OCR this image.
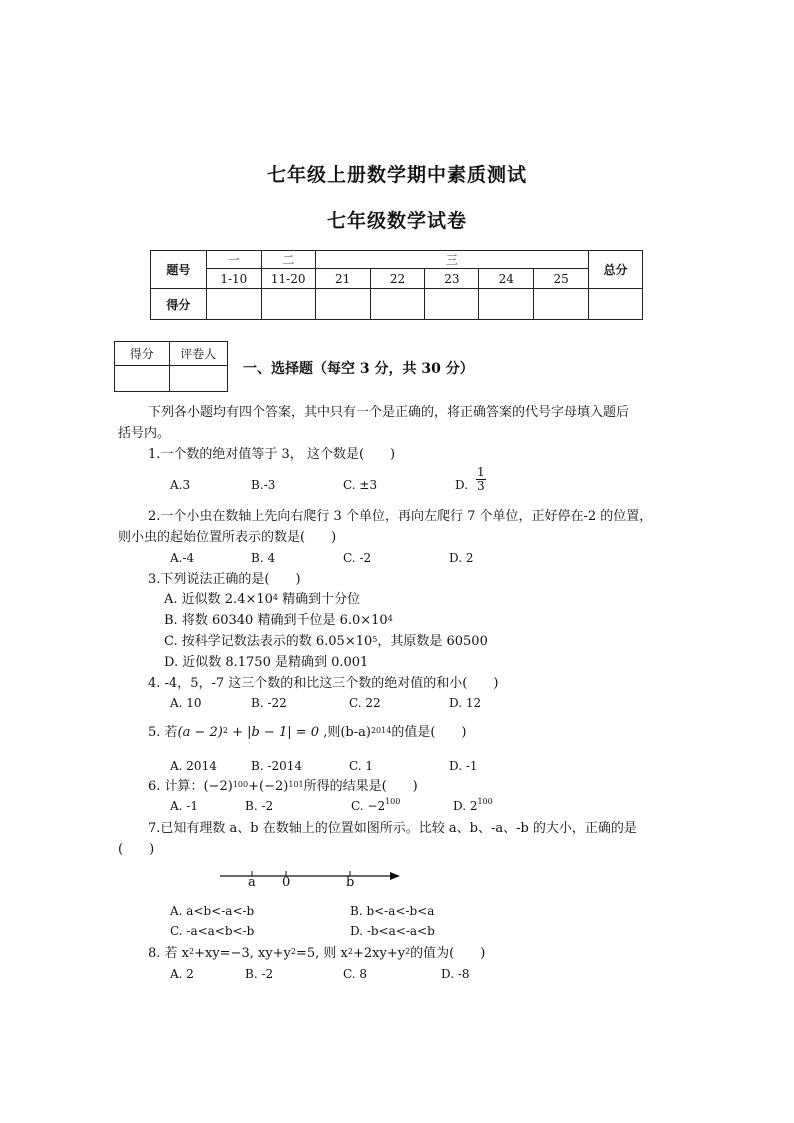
七年级上册数学期中素质测试
七年级数学试卷
题号	一	二	三					总分
	1-10	11-20	21	22	23	24	25	
得分								
得分	评卷人

一、选择题（每空 3 分，共 30 分）
下列各小题均有四个答案，其中只有一个是正确的，将正确答案的代号字母填入题后
括号内。
1.一个数的绝对值等于 3， 这个数是(　　)
A.3	B.-3	C. ±3	D. $\frac{1}{3}$
2.一个小虫在数轴上先向右爬行 3 个单位，再向左爬行 7 个单位，正好停在-2 的位置，
则小虫的起始位置所表示的数是(　　)
A.-4	B. 4	C. -2	D. 2
3.下列说法正确的是(　　)
A. 近似数 $2.4\times 10^4$ 精确到十分位
B. 将数 60340 精确到千位是 $6.0\times 10^4$
C. 按科学记数法表示的数 $6.05\times 10^5$，其原数是 60500
D. 近似数 8.1750 是精确到 0.001
4. -4，5，-7 这三个数的和比这三个数的绝对值的和小(　　)
A. 10	B. -22	C. 22	D. 12
5. 若$(a - 2)^2 + |b - 1| = 0$ ,则$(b-a)^{2014}$的值是(　　)
A. 2014	B. -2014	C. 1	D. -1
6. 计算：$(-2)^{100}+(-2)^{101}$所得的结果是(　　)
A. -1	B. -2	C. $-2^{100}$	D. $2^{100}$
7.已知有理数 a、b 在数轴上的位置如图所示。比较 a、b、-a、-b 的大小，正确的是
(　　)
a 0	b
A. a<b<-a<-b	B. b<-a<-b<a
C. -a<a<b<-b	D. -b<a<-a<b
8. 若 $x^2+xy=-3$, $xy+y^2=5$, 则 $x^2+2xy+y^2$的值为(　　)
A. 2	B. -2	C. 8	D. -8
